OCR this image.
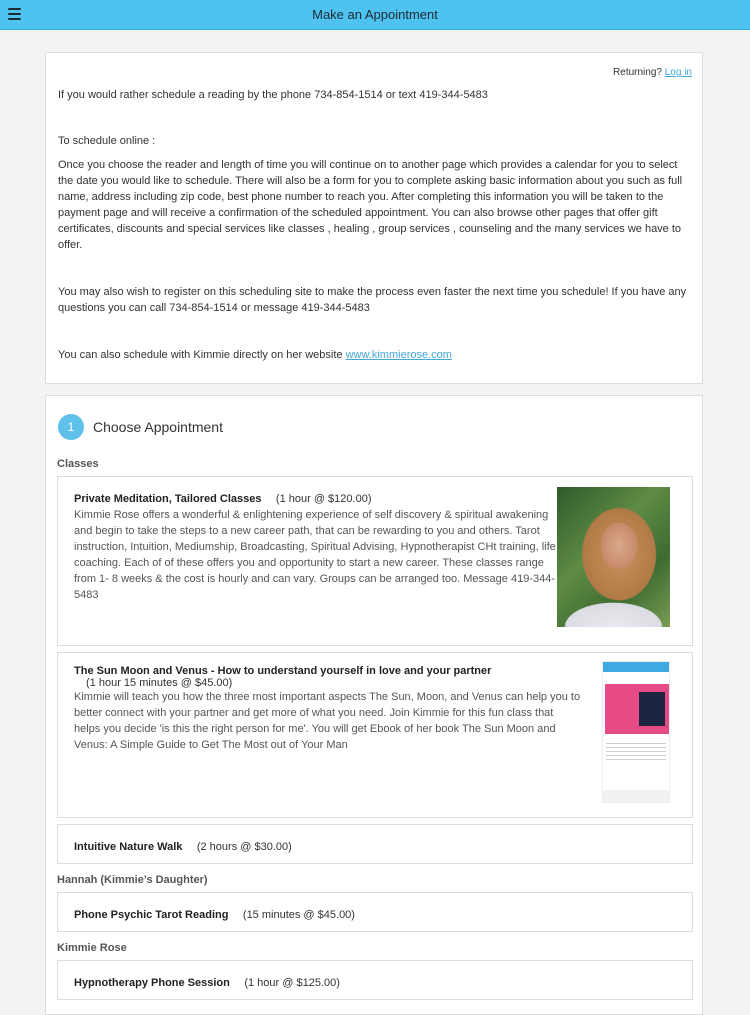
Make an Appointment
Returning? Log in

If you would rather schedule a reading by the phone 734-854-1514 or text 419-344-5483

To schedule online :

Once you choose the reader and length of time you will continue on to another page which provides a calendar for you to select the date you would like to schedule. There will also be a form for you to complete asking basic information about you such as full name, address including zip code, best phone number to reach you. After completing this information you will be taken to the payment page and will receive a confirmation of the scheduled appointment. You can also browse other pages that offer gift certificates, discounts and special services like classes , healing , group services , counseling and the many services we have to offer.

You may also wish to register on this scheduling site to make the process even faster the next time you schedule! If you have any questions you can call 734-854-1514 or message 419-344-5483

You can also schedule with Kimmie directly on her website www.kimmierose.com

1	Choose Appointment
Classes
Private Meditation, Tailored Classes (1 hour @ $120.00)
Kimmie Rose offers a wonderful & enlightening experience of self discovery & spiritual awakening and begin to take the steps to a new career path, that can be rewarding to you and others. Tarot instruction, Intuition, Mediumship, Broadcasting, Spiritual Advising, Hypnotherapist CHt training, life coaching. Each of of these offers you and opportunity to start a new career. These classes range from 1- 8 weeks & the cost is hourly and can vary. Groups can be arranged too. Message 419-344-5483
The Sun Moon and Venus - How to understand yourself in love and your partner
(1 hour 15 minutes @ $45.00)
Kimmie will teach you how the three most important aspects The Sun, Moon, and Venus can help you to better connect with your partner and get more of what you need. Join Kimmie for this fun class that helps you decide 'is this the right person for me'. You will get Ebook of her book The Sun Moon and Venus: A Simple Guide to Get The Most out of Your Man
Intuitive Nature Walk (2 hours @ $30.00)
Hannah (Kimmie’s Daughter)
Phone Psychic Tarot Reading (15 minutes @ $45.00)
Kimmie Rose
Hypnotherapy Phone Session (1 hour @ $125.00)
